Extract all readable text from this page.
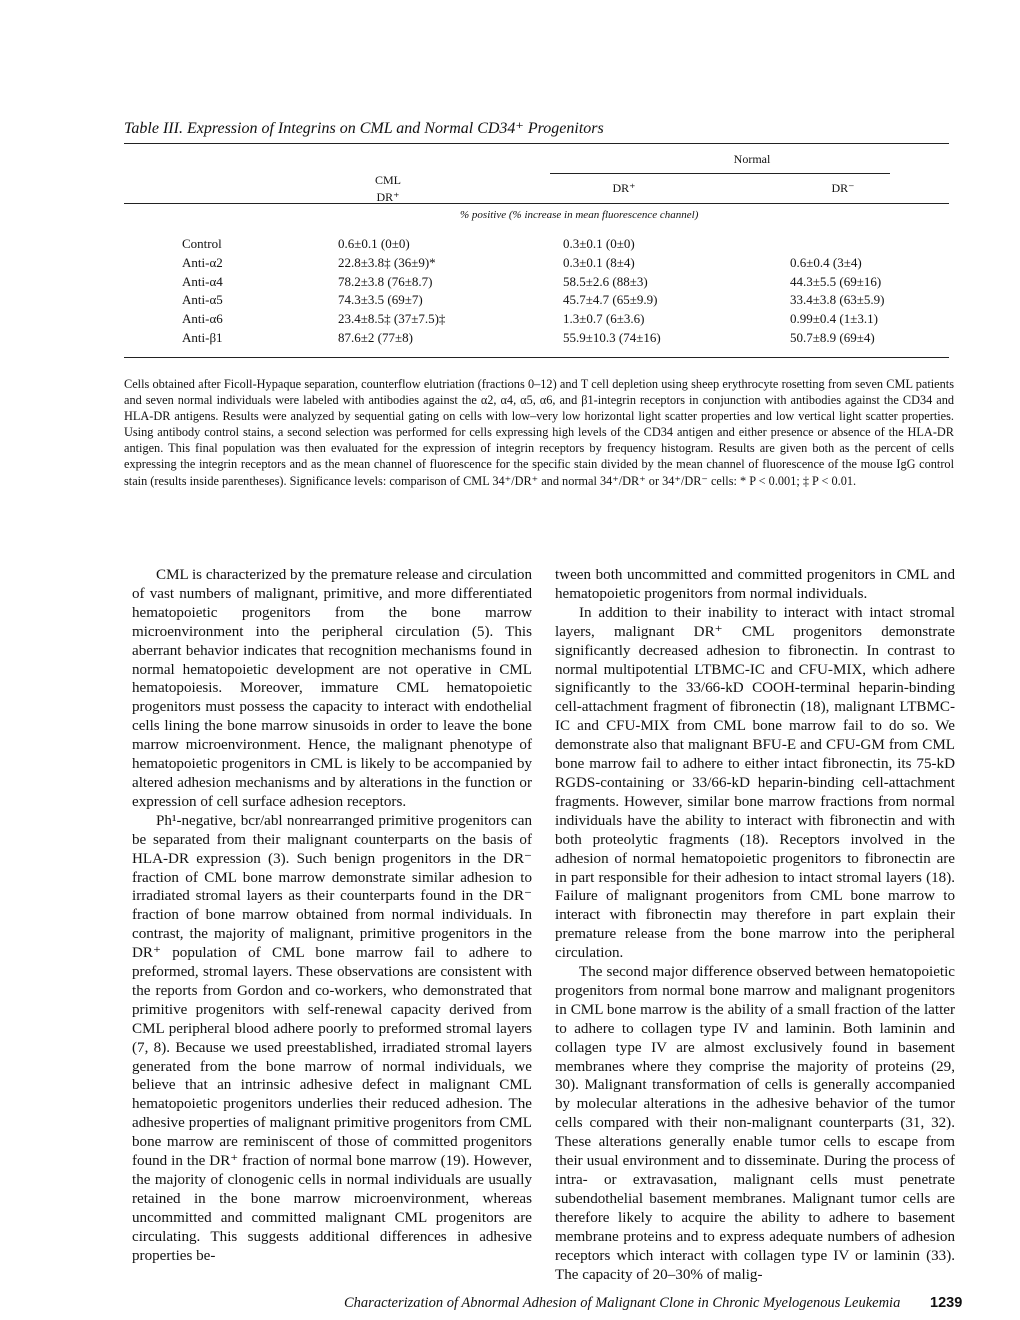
Table III. Expression of Integrins on CML and Normal CD34⁺ Progenitors
Normal
CML
DR⁺
DR⁺	DR⁻
% positive (% increase in mean fluorescence channel)
Control	0.6±0.1 (0±0)	0.3±0.1 (0±0)
Anti-α2	22.8±3.8‡ (36±9)*	0.3±0.1 (8±4)	0.6±0.4 (3±4)
Anti-α4	78.2±3.8 (76±8.7)	58.5±2.6 (88±3)	44.3±5.5 (69±16)
Anti-α5	74.3±3.5 (69±7)	45.7±4.7 (65±9.9)	33.4±3.8 (63±5.9)
Anti-α6	23.4±8.5‡ (37±7.5)‡	1.3±0.7 (6±3.6)	0.99±0.4 (1±3.1)
Anti-β1	87.6±2 (77±8)	55.9±10.3 (74±16)	50.7±8.9 (69±4)
Cells obtained after Ficoll-Hypaque separation, counterflow elutriation (fractions 0–12) and T cell depletion using sheep erythrocyte rosetting from seven CML patients and seven normal individuals were labeled with antibodies against the α2, α4, α5, α6, and β1-integrin receptors in conjunction with antibodies against the CD34 and HLA-DR antigens. Results were analyzed by sequential gating on cells with low–very low horizontal light scatter properties and low vertical light scatter properties. Using antibody control stains, a second selection was performed for cells expressing high levels of the CD34 antigen and either presence or absence of the HLA-DR antigen. This final population was then evaluated for the expression of integrin receptors by frequency histogram. Results are given both as the percent of cells expressing the integrin receptors and as the mean channel of fluorescence for the specific stain divided by the mean channel of fluorescence of the mouse IgG control stain (results inside parentheses). Significance levels: comparison of CML 34⁺/DR⁺ and normal 34⁺/DR⁺ or 34⁺/DR⁻ cells: * P < 0.001; ‡ P < 0.01.

CML is characterized by the premature release and circulation of vast numbers of malignant, primitive, and more differentiated hematopoietic progenitors from the bone marrow microenvironment into the peripheral circulation (5). This aberrant behavior indicates that recognition mechanisms found in normal hematopoietic development are not operative in CML hematopoiesis. Moreover, immature CML hematopoietic progenitors must possess the capacity to interact with endothelial cells lining the bone marrow sinusoids in order to leave the bone marrow microenvironment. Hence, the malignant phenotype of hematopoietic progenitors in CML is likely to be accompanied by altered adhesion mechanisms and by alterations in the function or expression of cell surface adhesion receptors.

Ph¹-negative, bcr/abl nonrearranged primitive progenitors can be separated from their malignant counterparts on the basis of HLA-DR expression (3). Such benign progenitors in the DR⁻ fraction of CML bone marrow demonstrate similar adhesion to irradiated stromal layers as their counterparts found in the DR⁻ fraction of bone marrow obtained from normal individuals. In contrast, the majority of malignant, primitive progenitors in the DR⁺ population of CML bone marrow fail to adhere to preformed, stromal layers. These observations are consistent with the reports from Gordon and co-workers, who demonstrated that primitive progenitors with self-renewal capacity derived from CML peripheral blood adhere poorly to preformed stromal layers (7, 8). Because we used preestablished, irradiated stromal layers generated from the bone marrow of normal individuals, we believe that an intrinsic adhesive defect in malignant CML hematopoietic progenitors underlies their reduced adhesion. The adhesive properties of malignant primitive progenitors from CML bone marrow are reminiscent of those of committed progenitors found in the DR⁺ fraction of normal bone marrow (19). However, the majority of clonogenic cells in normal individuals are usually retained in the bone marrow microenvironment, whereas uncommitted and committed malignant CML progenitors are circulating. This suggests additional differences in adhesive properties be-

tween both uncommitted and committed progenitors in CML and hematopoietic progenitors from normal individuals.

In addition to their inability to interact with intact stromal layers, malignant DR⁺ CML progenitors demonstrate significantly decreased adhesion to fibronectin. In contrast to normal multipotential LTBMC-IC and CFU-MIX, which adhere significantly to the 33/66-kD COOH-terminal heparin-binding cell-attachment fragment of fibronectin (18), malignant LTBMC-IC and CFU-MIX from CML bone marrow fail to do so. We demonstrate also that malignant BFU-E and CFU-GM from CML bone marrow fail to adhere to either intact fibronectin, its 75-kD RGDS-containing or 33/66-kD heparin-binding cell-attachment fragments. However, similar bone marrow fractions from normal individuals have the ability to interact with fibronectin and with both proteolytic fragments (18). Receptors involved in the adhesion of normal hematopoietic progenitors to fibronectin are in part responsible for their adhesion to intact stromal layers (18). Failure of malignant progenitors from CML bone marrow to interact with fibronectin may therefore in part explain their premature release from the bone marrow into the peripheral circulation.

The second major difference observed between hematopoietic progenitors from normal bone marrow and malignant progenitors in CML bone marrow is the ability of a small fraction of the latter to adhere to collagen type IV and laminin. Both laminin and collagen type IV are almost exclusively found in basement membranes where they comprise the majority of proteins (29, 30). Malignant transformation of cells is generally accompanied by molecular alterations in the adhesive behavior of the tumor cells compared with their non-malignant counterparts (31, 32). These alterations generally enable tumor cells to escape from their usual environment and to disseminate. During the process of intra- or extravasation, malignant cells must penetrate subendothelial basement membranes. Malignant tumor cells are therefore likely to acquire the ability to adhere to basement membrane proteins and to express adequate numbers of adhesion receptors which interact with collagen type IV or laminin (33). The capacity of 20–30% of malig-

Characterization of Abnormal Adhesion of Malignant Clone in Chronic Myelogenous Leukemia 1239
